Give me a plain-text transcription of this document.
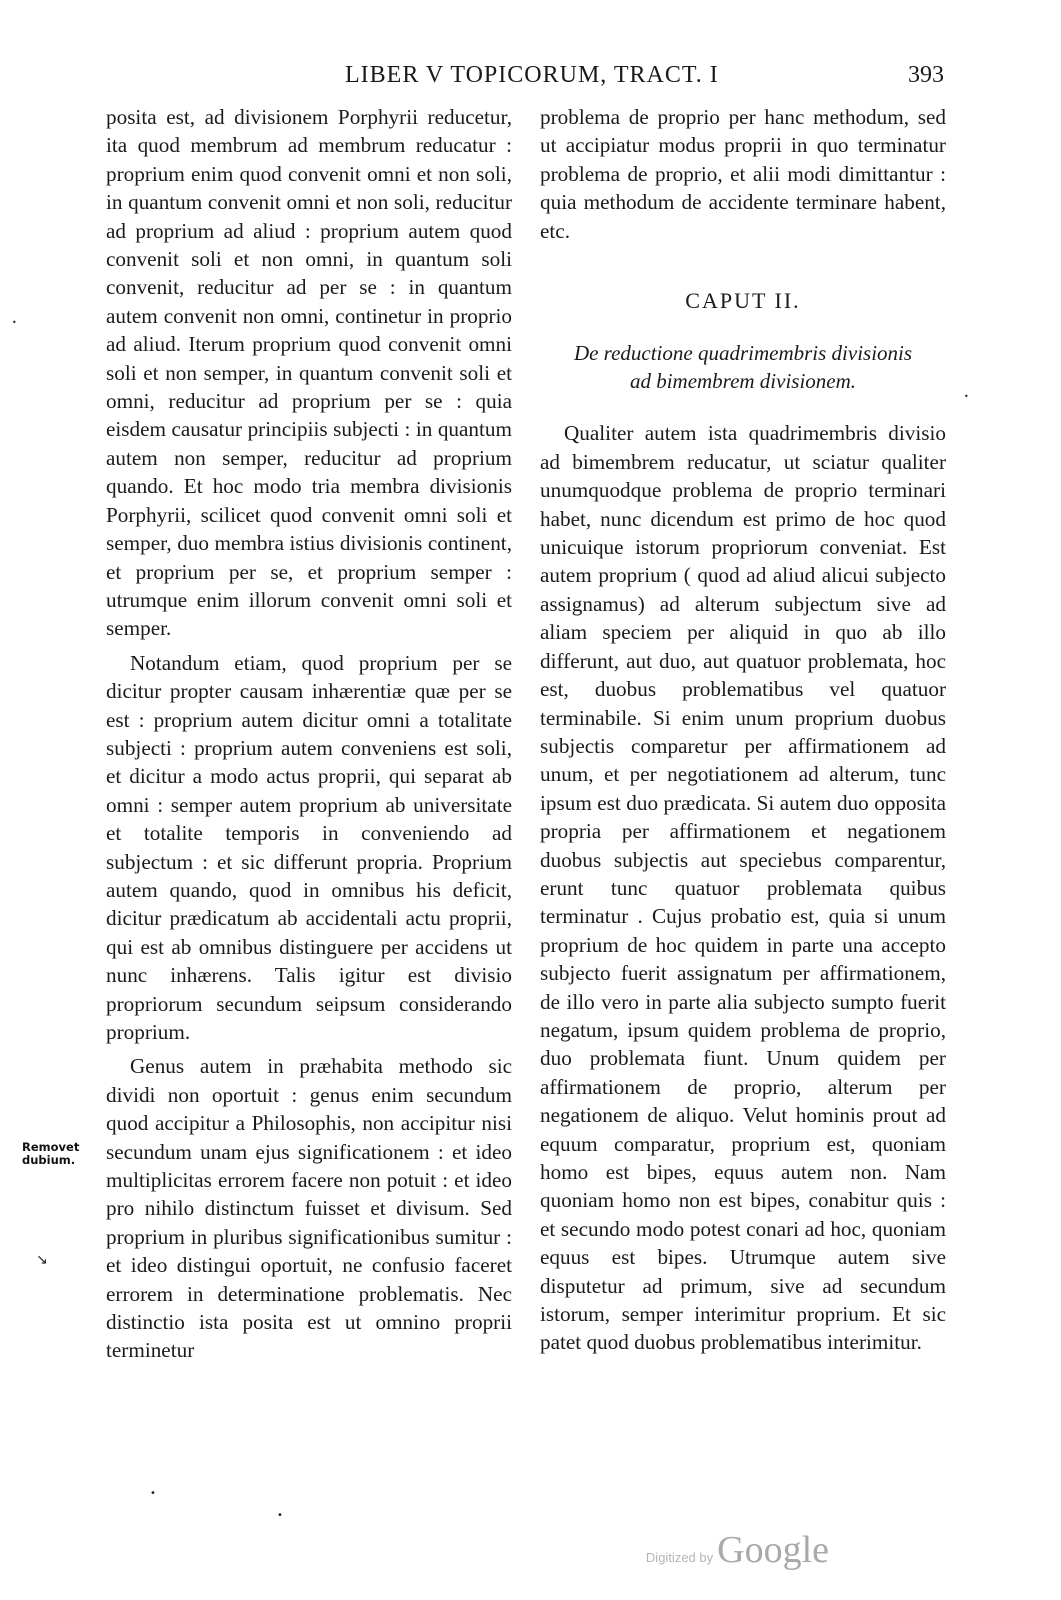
LIBER V TOPICORUM, TRACT. I	393
Removet
dubium.

posita est, ad divisionem Porphyrii reducetur, ita quod membrum ad membrum reducatur : proprium enim quod convenit omni et non soli, in quantum convenit omni et non soli, reducitur ad proprium ad aliud : proprium autem quod convenit soli et non omni, in quantum soli convenit, reducitur ad per se : in quantum autem convenit non omni, continetur in proprio ad aliud. Iterum proprium quod convenit omni soli et non semper, in quantum convenit soli et omni, reducitur ad proprium per se : quia eisdem causatur principiis subjecti : in quantum autem non semper, reducitur ad proprium quando. Et hoc modo tria membra divisionis Porphyrii, scilicet quod convenit omni soli et semper, duo membra istius divisionis continent, et proprium per se, et proprium semper : utrumque enim illorum convenit omni soli et semper.

Notandum etiam, quod proprium per se dicitur propter causam inhærentiæ quæ per se est : proprium autem dicitur omni a totalitate subjecti : proprium autem conveniens est soli, et dicitur a modo actus proprii, qui separat ab omni : semper autem proprium ab universitate et totalite temporis in conveniendo ad subjectum : et sic differunt propria. Proprium autem quando, quod in omnibus his deficit, dicitur prædicatum ab accidentali actu proprii, qui est ab omnibus distinguere per accidens ut nunc inhærens. Talis igitur est divisio propriorum secundum seipsum considerando proprium.

Genus autem in præhabita methodo sic dividi non oportuit : genus enim secundum quod accipitur a Philosophis, non accipitur nisi secundum unam ejus significationem : et ideo multiplicitas errorem facere non potuit : et ideo pro nihilo distinctum fuisset et divisum. Sed proprium in pluribus significationibus sumitur : et ideo distingui oportuit, ne confusio faceret errorem in determinatione problematis. Nec distinctio ista posita est ut omnino proprii terminetur

problema de proprio per hanc methodum, sed ut accipiatur modus proprii in quo terminatur problema de proprio, et alii modi dimittantur : quia methodum de accidente terminare habent, etc.

CAPUT II.
De reductione quadrimembris divisionis
ad bimembrem divisionem.

Qualiter autem ista quadrimembris divisio ad bimembrem reducatur, ut sciatur qualiter unumquodque problema de proprio terminari habet, nunc dicendum est primo de hoc quod unicuique istorum propriorum conveniat. Est autem proprium ( quod ad aliud alicui subjecto assignamus) ad alterum subjectum sive ad aliam speciem per aliquid in quo ab illo differunt, aut duo, aut quatuor problemata, hoc est, duobus problematibus vel quatuor terminabile. Si enim unum proprium duobus subjectis comparetur per affirmationem ad unum, et per negotiationem ad alterum, tunc ipsum est duo prædicata. Si autem duo opposita propria per affirmationem et negationem duobus subjectis aut speciebus comparentur, erunt tunc quatuor problemata quibus terminatur . Cujus probatio est, quia si unum proprium de hoc quidem in parte una accepto subjecto fuerit assignatum per affirmationem, de illo vero in parte alia subjecto sumpto fuerit negatum, ipsum quidem problema de proprio, duo problemata fiunt. Unum quidem per affirmationem de proprio, alterum per negationem de aliquo. Velut hominis prout ad equum comparatur, proprium est, quoniam homo est bipes, equus autem non. Nam quoniam homo non est bipes, conabitur quis : et secundo modo potest conari ad hoc, quoniam equus est bipes. Utrumque autem sive disputetur ad primum, sive ad secundum istorum, semper interimitur proprium. Et sic patet quod duobus problematibus interimitur.

•
↘
•
•
•
Digitized by Google
